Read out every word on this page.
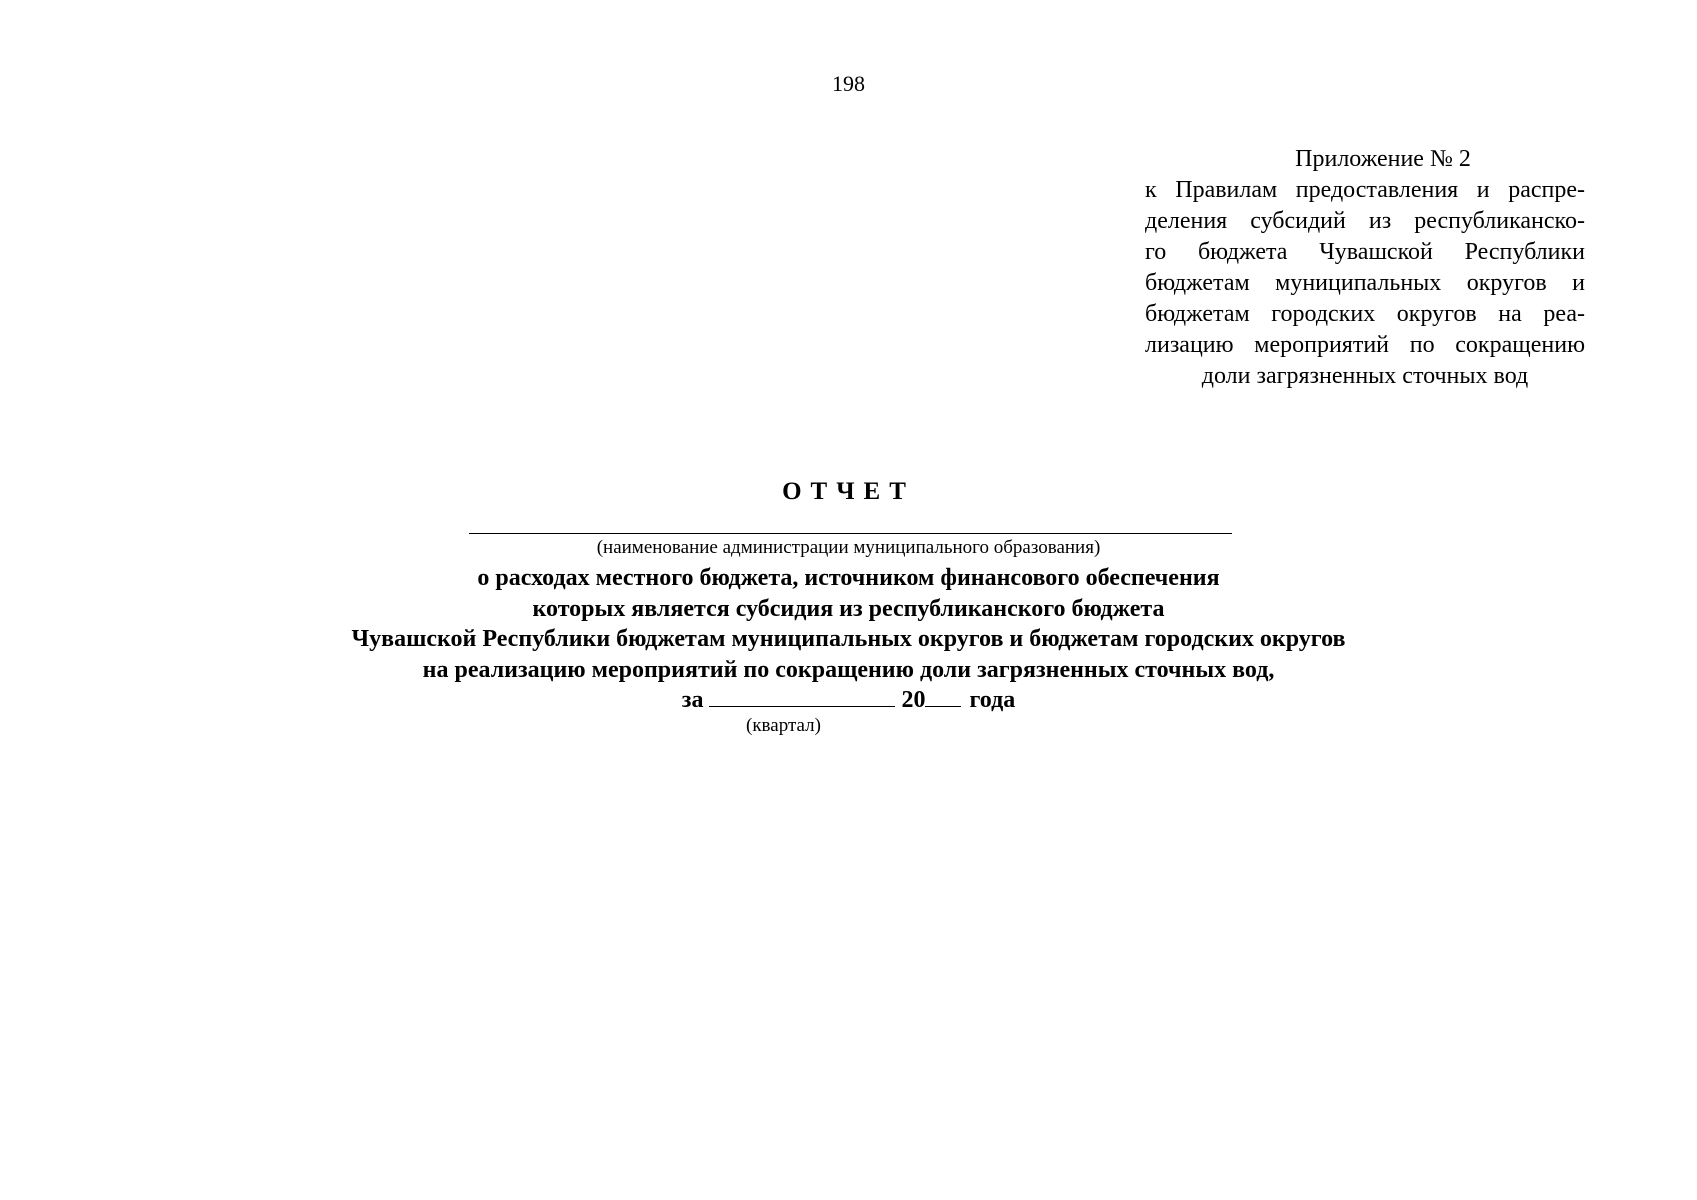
198
Приложение № 2
к Правилам предоставления и распре-
деления субсидий из республиканско-
го бюджета Чувашской Республики
бюджетам муниципальных округов и
бюджетам городских округов на реа-
лизацию мероприятий по сокращению
доли загрязненных сточных вод
ОТЧЕТ
(наименование администрации муниципального образования)
о расходах местного бюджета, источником финансового обеспечения
которых является субсидия из республиканского бюджета
Чувашской Республики бюджетам муниципальных округов и бюджетам городских округов
на реализацию мероприятий по сокращению доли загрязненных сточных вод,
за	20 года
(квартал)
